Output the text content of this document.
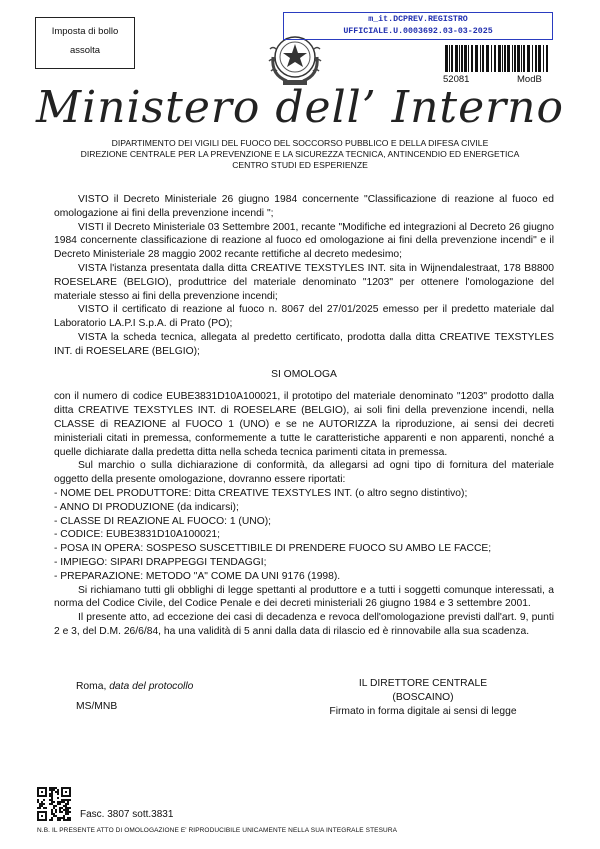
Imposta di bollo
assolta
m_it.DCPREV.REGISTRO
UFFICIALE.U.0003692.03-03-2025
52081	ModB
Ministero dell’ Interno
DIPARTIMENTO DEI VIGILI DEL FUOCO DEL SOCCORSO PUBBLICO E DELLA DIFESA CIVILE
DIREZIONE CENTRALE PER LA PREVENZIONE E LA SICUREZZA TECNICA, ANTINCENDIO ED ENERGETICA
CENTRO STUDI ED ESPERIENZE

VISTO il Decreto Ministeriale 26 giugno 1984 concernente "Classificazione di reazione al fuoco ed omologazione ai fini della prevenzione incendi ";

VISTI il Decreto Ministeriale 03 Settembre 2001, recante "Modifiche ed integrazioni al Decreto 26 giugno 1984 concernente classificazione di reazione al fuoco ed omologazione ai fini della prevenzione incendi" e il Decreto Ministeriale 28 maggio 2002 recante rettifiche al decreto medesimo;

VISTA l'istanza presentata dalla ditta CREATIVE TEXSTYLES INT. sita in Wijnendalestraat, 178 B8800 ROESELARE (BELGIO), produttrice del materiale denominato "1203" per ottenere l'omologazione del materiale stesso ai fini della prevenzione incendi;

VISTO il certificato di reazione al fuoco n. 8067 del 27/01/2025 emesso per il predetto materiale dal Laboratorio LA.P.I S.p.A. di Prato (PO);

VISTA la scheda tecnica, allegata al predetto certificato, prodotta dalla ditta CREATIVE TEXSTYLES INT. di ROESELARE (BELGIO);

SI OMOLOGA

con il numero di codice EUBE3831D10A100021, il prototipo del materiale denominato "1203" prodotto dalla ditta CREATIVE TEXSTYLES INT. di ROESELARE (BELGIO), ai soli fini della prevenzione incendi, nella CLASSE di REAZIONE al FUOCO 1 (UNO) e se ne AUTORIZZA la riproduzione, ai sensi dei decreti ministeriali citati in premessa, conformemente a tutte le caratteristiche apparenti e non apparenti, nonché a quelle dichiarate dalla predetta ditta nella scheda tecnica parimenti citata in premessa.

Sul marchio o sulla dichiarazione di conformità, da allegarsi ad ogni tipo di fornitura del materiale oggetto della presente omologazione, dovranno essere riportati:

- NOME DEL PRODUTTORE: Ditta CREATIVE TEXSTYLES INT. (o altro segno distintivo);

- ANNO DI PRODUZIONE (da indicarsi);

- CLASSE DI REAZIONE AL FUOCO: 1 (UNO);

- CODICE: EUBE3831D10A100021;

- POSA IN OPERA: SOSPESO SUSCETTIBILE DI PRENDERE FUOCO SU AMBO LE FACCE;

- IMPIEGO: SIPARI DRAPPEGGI TENDAGGI;

- PREPARAZIONE: METODO "A" COME DA UNI 9176 (1998).

Si richiamano tutti gli obblighi di legge spettanti al produttore e a tutti i soggetti comunque interessati, a norma del Codice Civile, del Codice Penale e dei decreti ministeriali 26 giugno 1984 e 3 settembre 2001.

Il presente atto, ad eccezione dei casi di decadenza e revoca dell'omologazione previsti dall'art. 9, punti 2 e 3, del D.M. 26/6/84, ha una validità di 5 anni dalla data di rilascio ed è rinnovabile alla sua scadenza.

Roma, data del protocollo
MS/MNB
IL DIRETTORE CENTRALE
(BOSCAINO)
Firmato in forma digitale ai sensi di legge
Fasc. 3807 sott.3831
N.B. IL PRESENTE ATTO DI OMOLOGAZIONE E' RIPRODUCIBILE UNICAMENTE NELLA SUA INTEGRALE STESURA
